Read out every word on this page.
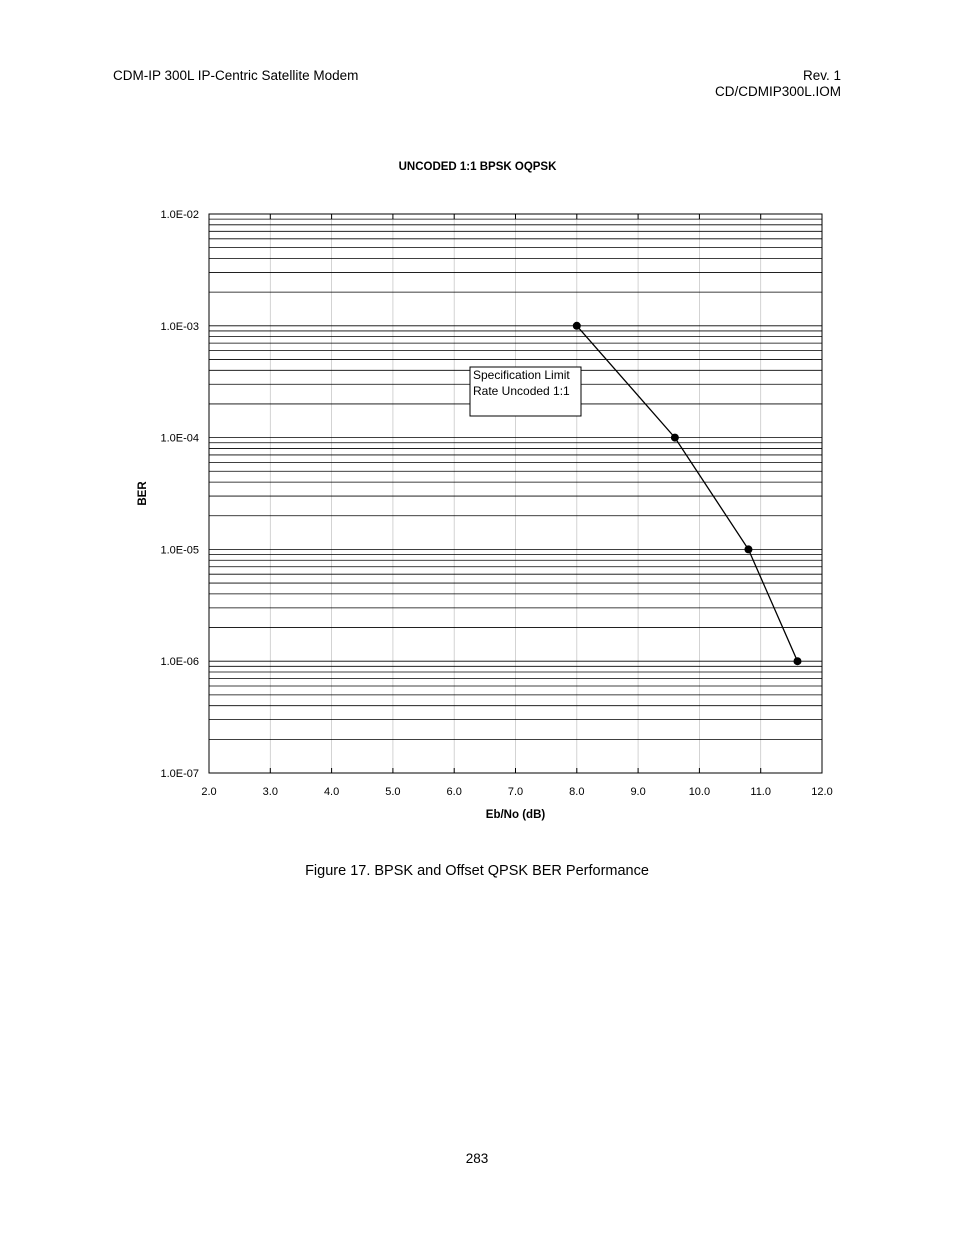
CDM-IP 300L IP-Centric Satellite Modem	Rev. 1
CD/CDMIP300L.IOM
2.0	3.0	4.0	5.0	6.0	7.0	8.0	9.0	10.0	11.0	12.0
1.0E-02
1.0E-03
1.0E-04
1.0E-05
1.0E-06
1.0E-07
Specification Limit
Rate Uncoded 1:1
UNCODED 1:1 BPSK OQPSK
Eb/No (dB)
BER
Figure 17. BPSK and Offset QPSK BER Performance
283
